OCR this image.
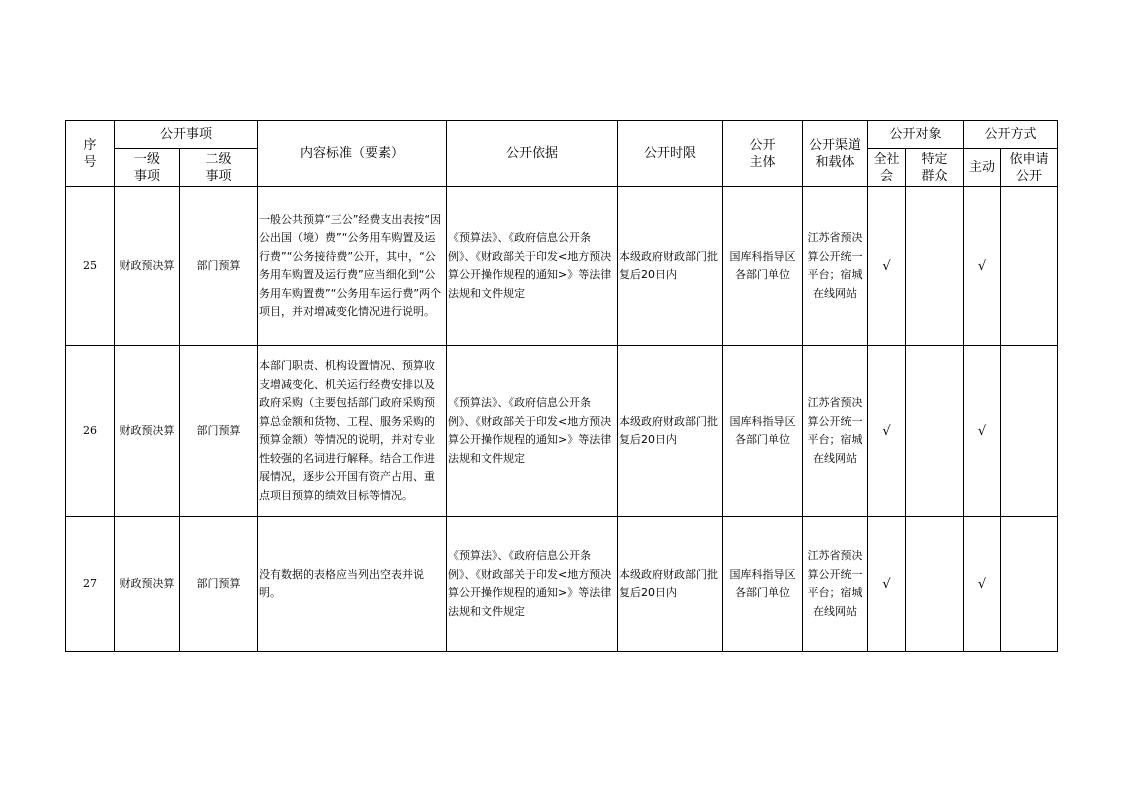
序号	公开事项		内容标准（要素）	公开依据	公开时限	公开主体	公开渠道和载体	公开对象		公开方式	

	一级事项	二级事项						全社会	特定群众	主动	依申请公开

25	财政预决算	部门预算	一般公共预算“三公”经费支出表按“因公出国（境）费”“公务用车购置及运行费”“公务接待费”公开，其中，“公务用车购置及运行费”应当细化到“公务用车购置费”“公务用车运行费”两个项目，并对增减变化情况进行说明。	《预算法》、《政府信息公开条例》、《财政部关于印发<地方预决算公开操作规程的通知>》等法律法规和文件规定	本级政府财政部门批复后20日内	国库科指导区各部门单位	江苏省预决算公开统一平台；宿城在线网站	√		√	
26	财政预决算	部门预算	本部门职责、机构设置情况、预算收支增减变化、机关运行经费安排以及政府采购（主要包括部门政府采购预算总金额和货物、工程、服务采购的预算金额）等情况的说明，并对专业性较强的名词进行解释。结合工作进展情况，逐步公开国有资产占用、重点项目预算的绩效目标等情况。	《预算法》、《政府信息公开条例》、《财政部关于印发<地方预决算公开操作规程的通知>》等法律法规和文件规定	本级政府财政部门批复后20日内	国库科指导区各部门单位	江苏省预决算公开统一平台；宿城在线网站	√		√	
27	财政预决算	部门预算	没有数据的表格应当列出空表并说明。	《预算法》、《政府信息公开条例》、《财政部关于印发<地方预决算公开操作规程的通知>》等法律法规和文件规定	本级政府财政部门批复后20日内	国库科指导区各部门单位	江苏省预决算公开统一平台；宿城在线网站	√		√	
